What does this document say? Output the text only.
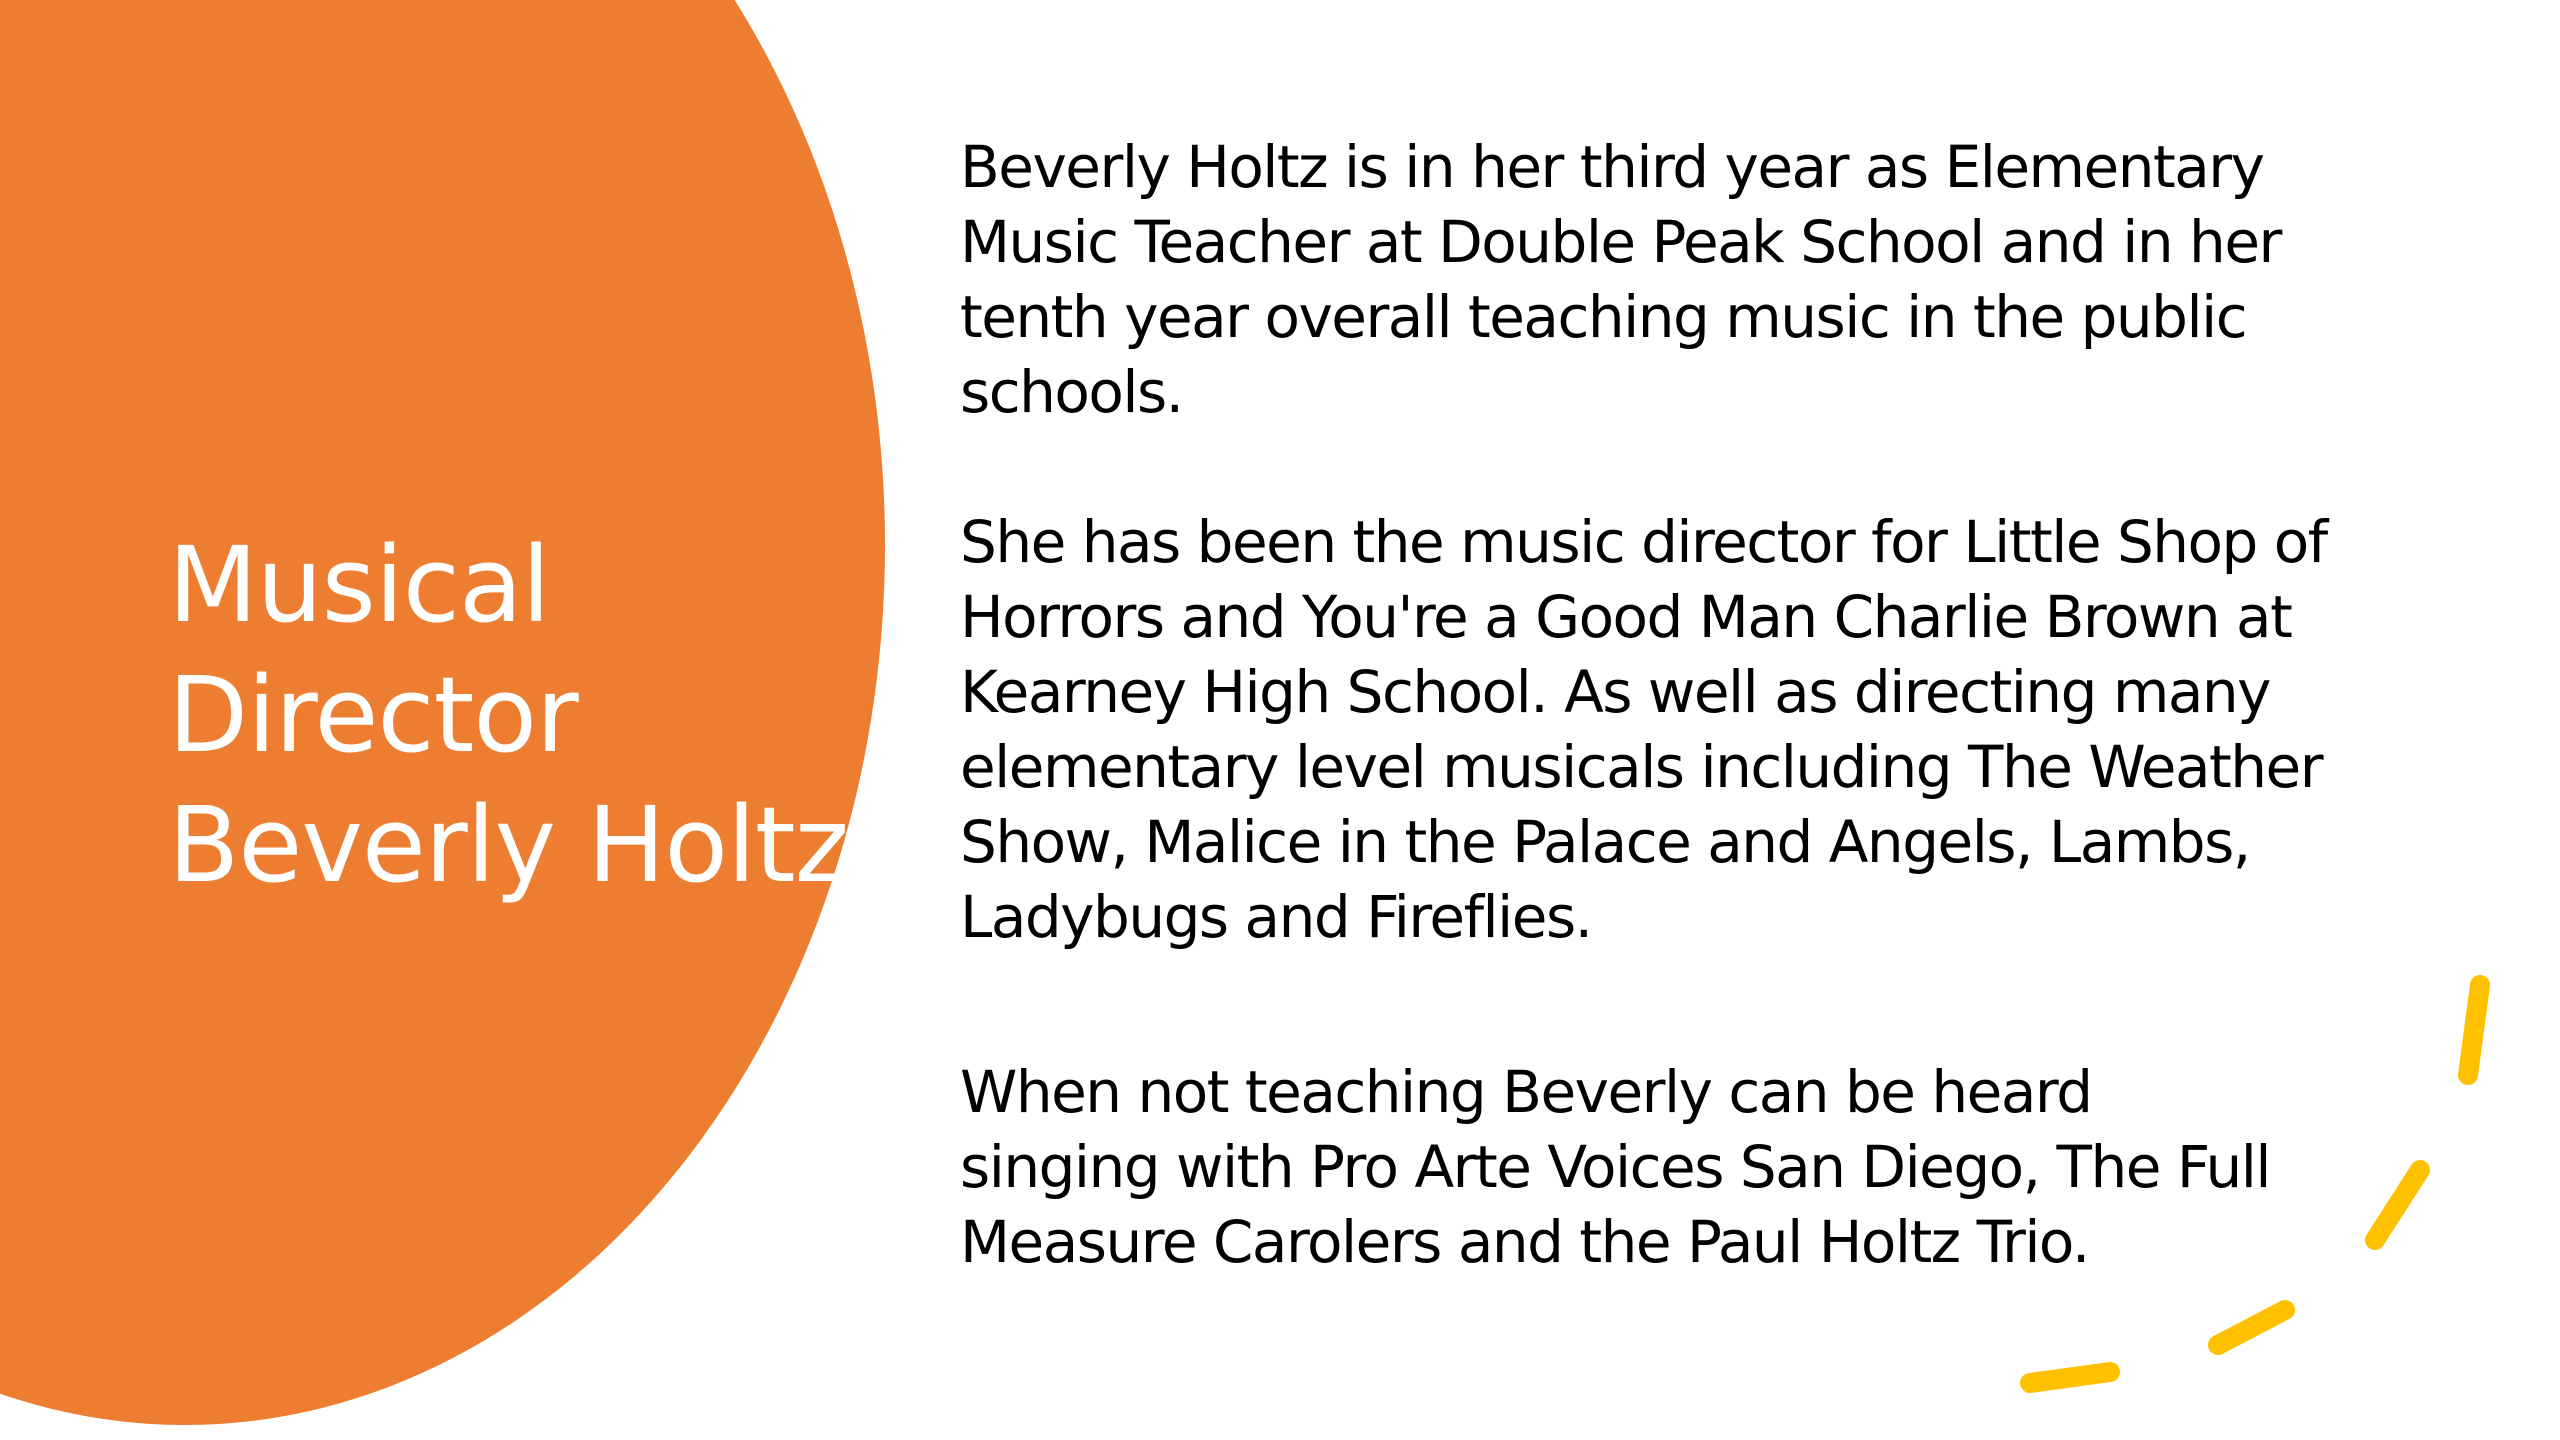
Musical
Director
Beverly Holtz

Beverly Holtz is in her third year as Elementary
Music Teacher at Double Peak School and in her
tenth year overall teaching music in the public
schools.

She has been the music director for Little Shop of
Horrors and You're a Good Man Charlie Brown at
Kearney High School. As well as directing many
elementary level musicals including The Weather
Show, Malice in the Palace and Angels, Lambs,
Ladybugs and Fireflies.

When not teaching Beverly can be heard
singing with Pro Arte Voices San Diego, The Full
Measure Carolers and the Paul Holtz Trio.
